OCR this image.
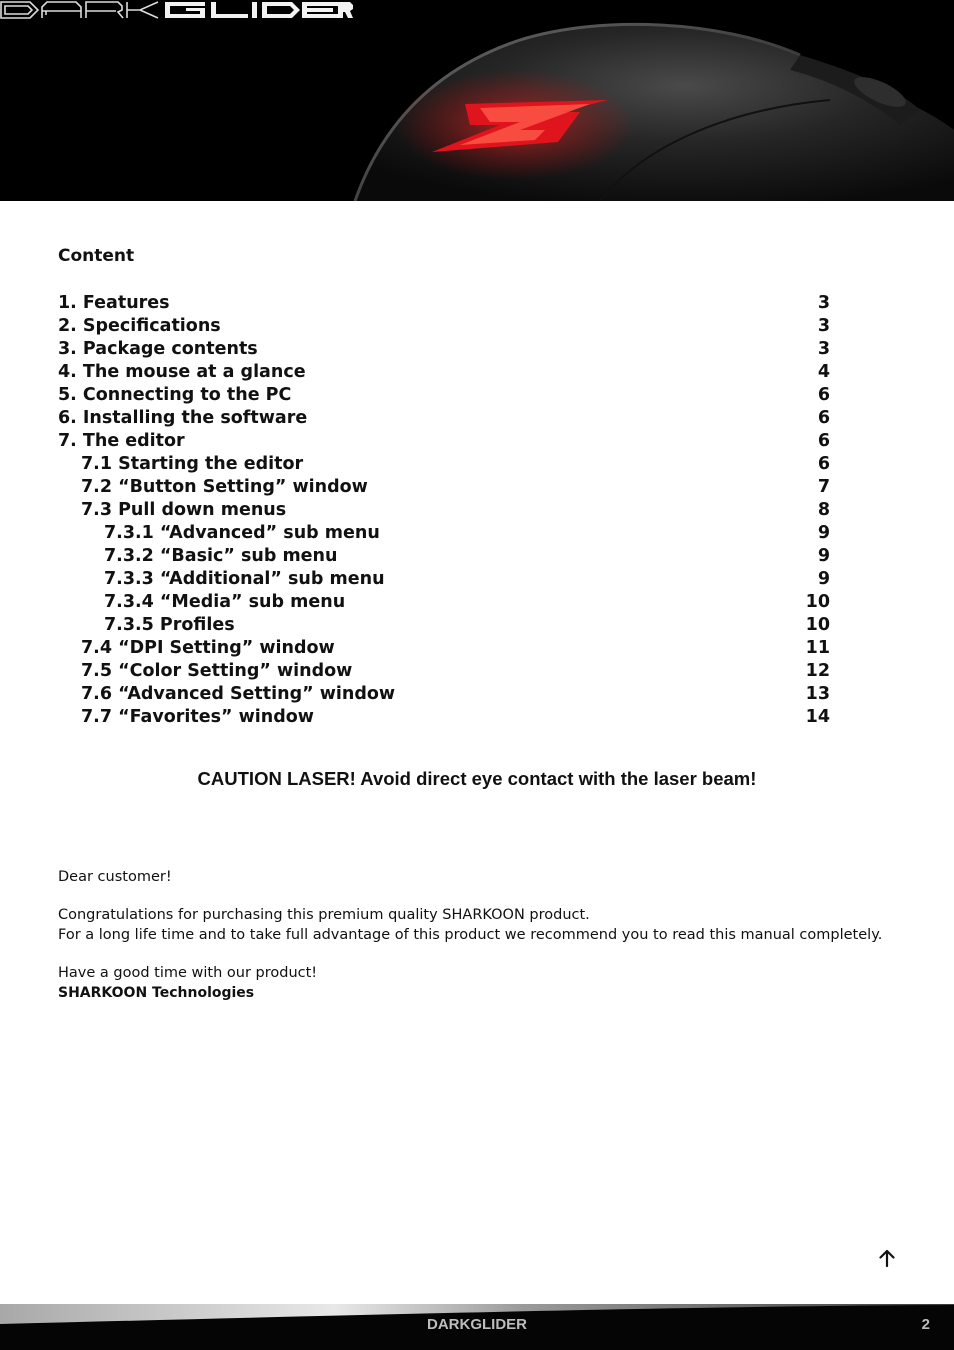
Content
1. Features	3
2. Specifications	3
3. Package contents	3
4. The mouse at a glance	4
5. Connecting to the PC	6
6. Installing the software	6
7. The editor	6
7.1 Starting the editor	6
7.2 “Button Setting” window	7
7.3 Pull down menus	8
7.3.1 “Advanced” sub menu	9
7.3.2 “Basic” sub menu	9
7.3.3 “Additional” sub menu	9
7.3.4 “Media” sub menu	10
7.3.5 Profiles	10
7.4 “DPI Setting” window	11
7.5 “Color Setting” window	12
7.6 “Advanced Setting” window	13
7.7 “Favorites” window	14
CAUTION LASER! Avoid direct eye contact with the laser beam!

Dear customer!

Congratulations for purchasing this premium quality SHARKOON product.

For a long life time and to take full advantage of this product we recommend you to read this manual completely.

Have a good time with our product!

SHARKOON Technologies

DARKGLIDER	2
